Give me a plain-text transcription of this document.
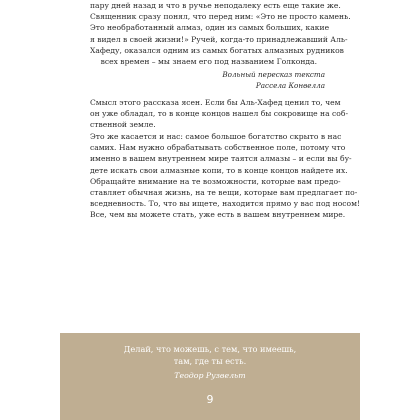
пару дней назад и что в ручье неподалеку есть еще такие же.
Священник сразу понял, что перед ним: «Это не просто камень.
Это необработанный алмаз, один из самых больших, какие
я видел в своей жизни!» Ручей, когда-то принадлежавший Аль-
Хафеду, оказался одним из самых богатых алмазных рудников
всех времен – мы знаем его под названием Голконда.
Вольный пересказ текста
Рассела Конвелла
Смысл этого рассказа ясен. Если бы Аль-Хафед ценил то, чем
он уже обладал, то в конце концов нашел бы сокровище на соб-
ственной земле.
Это же касается и нас: самое большое богатство скрыто в нас
самих. Нам нужно обрабатывать собственное поле, потому что
именно в вашем внутреннем мире таятся алмазы – и если вы бу-
дете искать свои алмазные копи, то в конце концов найдете их.
Обращайте внимание на те возможности, которые вам предо-
ставляет обычная жизнь, на те вещи, которые вам предлагает по-
вседневность. То, что вы ищете, находится прямо у вас под носом!
Все, чем вы можете стать, уже есть в вашем внутреннем мире.
Делай, что можешь, с тем, что имеешь,
там, где ты есть.
Теодор Рузвельт
9
